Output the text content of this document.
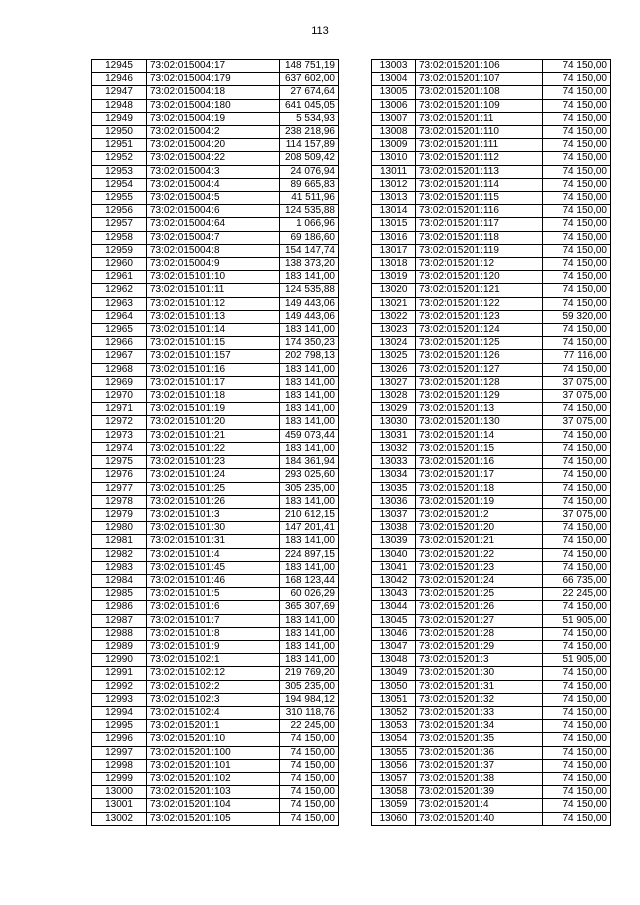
113
12945	73:02:015004:17	148 751,19
12946	73:02:015004:179	637 602,00
12947	73:02:015004:18	27 674,64
12948	73:02:015004:180	641 045,05
12949	73:02:015004:19	5 534,93
12950	73:02:015004:2	238 218,96
12951	73:02:015004:20	114 157,89
12952	73:02:015004:22	208 509,42
12953	73:02:015004:3	24 076,94
12954	73:02:015004:4	89 665,83
12955	73:02:015004:5	41 511,96
12956	73:02:015004:6	124 535,88
12957	73:02:015004:64	1 066,96
12958	73:02:015004:7	69 186,60
12959	73:02:015004:8	154 147,74
12960	73:02:015004:9	138 373,20
12961	73:02:015101:10	183 141,00
12962	73:02:015101:11	124 535,88
12963	73:02:015101:12	149 443,06
12964	73:02:015101:13	149 443,06
12965	73:02:015101:14	183 141,00
12966	73:02:015101:15	174 350,23
12967	73:02:015101:157	202 798,13
12968	73:02:015101:16	183 141,00
12969	73:02:015101:17	183 141,00
12970	73:02:015101:18	183 141,00
12971	73:02:015101:19	183 141,00
12972	73:02:015101:20	183 141,00
12973	73:02:015101:21	459 073,44
12974	73:02:015101:22	183 141,00
12975	73:02:015101:23	184 361,94
12976	73:02:015101:24	293 025,60
12977	73:02:015101:25	305 235,00
12978	73:02:015101:26	183 141,00
12979	73:02:015101:3	210 612,15
12980	73:02:015101:30	147 201,41
12981	73:02:015101:31	183 141,00
12982	73:02:015101:4	224 897,15
12983	73:02:015101:45	183 141,00
12984	73:02:015101:46	168 123,44
12985	73:02:015101:5	60 026,29
12986	73:02:015101:6	365 307,69
12987	73:02:015101:7	183 141,00
12988	73:02:015101:8	183 141,00
12989	73:02:015101:9	183 141,00
12990	73:02:015102:1	183 141,00
12991	73:02:015102:12	219 769,20
12992	73:02:015102:2	305 235,00
12993	73:02:015102:3	194 984,12
12994	73:02:015102:4	310 118,76
12995	73:02:015201:1	22 245,00
12996	73:02:015201:10	74 150,00
12997	73:02:015201:100	74 150,00
12998	73:02:015201:101	74 150,00
12999	73:02:015201:102	74 150,00
13000	73:02:015201:103	74 150,00
13001	73:02:015201:104	74 150,00
13002	73:02:015201:105	74 150,00
13003	73:02:015201:106	74 150,00
13004	73:02:015201:107	74 150,00
13005	73:02:015201:108	74 150,00
13006	73:02:015201:109	74 150,00
13007	73:02:015201:11	74 150,00
13008	73:02:015201:110	74 150,00
13009	73:02:015201:111	74 150,00
13010	73:02:015201:112	74 150,00
13011	73:02:015201:113	74 150,00
13012	73:02:015201:114	74 150,00
13013	73:02:015201:115	74 150,00
13014	73:02:015201:116	74 150,00
13015	73:02:015201:117	74 150,00
13016	73:02:015201:118	74 150,00
13017	73:02:015201:119	74 150,00
13018	73:02:015201:12	74 150,00
13019	73:02:015201:120	74 150,00
13020	73:02:015201:121	74 150,00
13021	73:02:015201:122	74 150,00
13022	73:02:015201:123	59 320,00
13023	73:02:015201:124	74 150,00
13024	73:02:015201:125	74 150,00
13025	73:02:015201:126	77 116,00
13026	73:02:015201:127	74 150,00
13027	73:02:015201:128	37 075,00
13028	73:02:015201:129	37 075,00
13029	73:02:015201:13	74 150,00
13030	73:02:015201:130	37 075,00
13031	73:02:015201:14	74 150,00
13032	73:02:015201:15	74 150,00
13033	73:02:015201:16	74 150,00
13034	73:02:015201:17	74 150,00
13035	73:02:015201:18	74 150,00
13036	73:02:015201:19	74 150,00
13037	73:02:015201:2	37 075,00
13038	73:02:015201:20	74 150,00
13039	73:02:015201:21	74 150,00
13040	73:02:015201:22	74 150,00
13041	73:02:015201:23	74 150,00
13042	73:02:015201:24	66 735,00
13043	73:02:015201:25	22 245,00
13044	73:02:015201:26	74 150,00
13045	73:02:015201:27	51 905,00
13046	73:02:015201:28	74 150,00
13047	73:02:015201:29	74 150,00
13048	73:02:015201:3	51 905,00
13049	73:02:015201:30	74 150,00
13050	73:02:015201:31	74 150,00
13051	73:02:015201:32	74 150,00
13052	73:02:015201:33	74 150,00
13053	73:02:015201:34	74 150,00
13054	73:02:015201:35	74 150,00
13055	73:02:015201:36	74 150,00
13056	73:02:015201:37	74 150,00
13057	73:02:015201:38	74 150,00
13058	73:02:015201:39	74 150,00
13059	73:02:015201:4	74 150,00
13060	73:02:015201:40	74 150,00
